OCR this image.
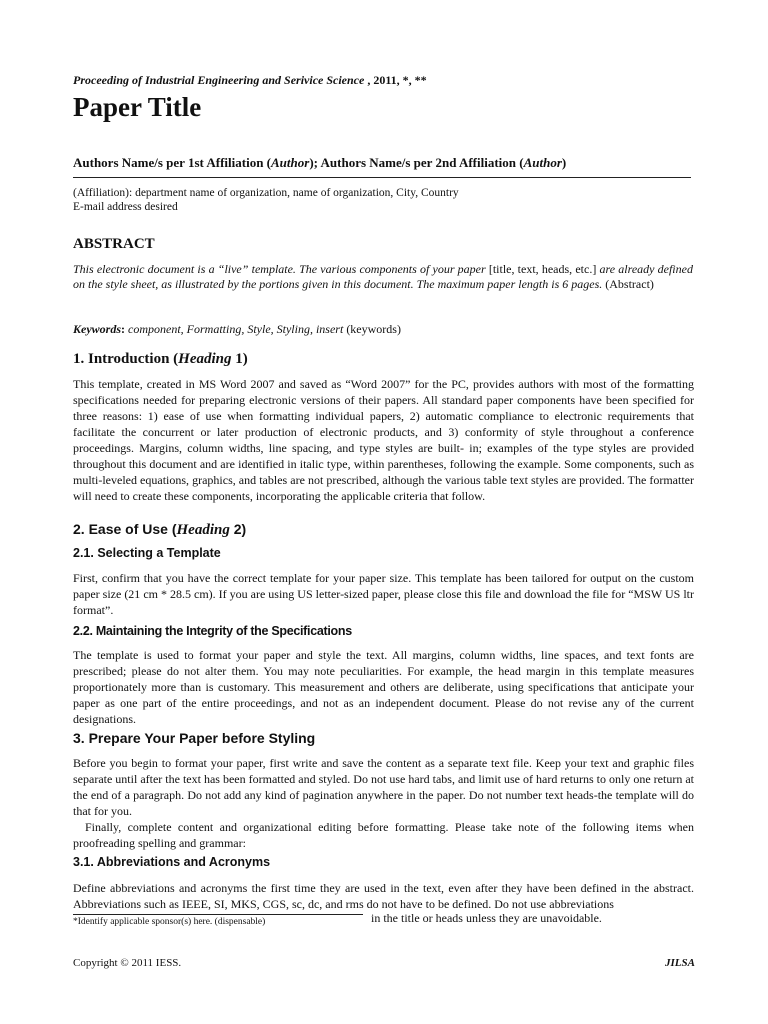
Proceeding of Industrial Engineering and Serivice Science , 2011, *, **
Paper Title
Authors Name/s per 1st Affiliation (Author); Authors Name/s per 2nd Affiliation (Author)
(Affiliation): department name of organization, name of organization, City, Country
E-mail address desired
ABSTRACT

This electronic document is a “live” template. The various components of your paper [title, text, heads, etc.] are already defined on the style sheet, as illustrated by the portions given in this document. The maximum paper length is 6 pages. (Abstract)

Keywords: component, Formatting, Style, Styling, insert (keywords)
1. Introduction (Heading 1)

This template, created in MS Word 2007 and saved as “Word 2007” for the PC, provides authors with most of the formatting specifications needed for preparing electronic versions of their papers. All standard paper components have been specified for three reasons: 1) ease of use when formatting individual papers, 2) automatic compliance to electronic requirements that facilitate the concurrent or later production of electronic products, and 3) conformity of style throughout a conference proceedings. Margins, column widths, line spacing, and type styles are built- in; examples of the type styles are provided throughout this document and are identified in italic type, within parentheses, following the example. Some components, such as multi-leveled equations, graphics, and tables are not prescribed, although the various table text styles are provided. The formatter will need to create these components, incorporating the applicable criteria that follow.

2. Ease of Use (Heading 2)
2.1. Selecting a Template

First, confirm that you have the correct template for your paper size. This template has been tailored for output on the custom paper size (21 cm * 28.5 cm). If you are using US letter-sized paper, please close this file and download the file for “MSW US ltr format”.

2.2. Maintaining the Integrity of the Specifications

The template is used to format your paper and style the text. All margins, column widths, line spaces, and text fonts are prescribed; please do not alter them. You may note peculiarities. For example, the head margin in this template measures proportionately more than is customary. This measurement and others are deliberate, using specifications that anticipate your paper as one part of the entire proceedings, and not as an independent document. Please do not revise any of the current designations.

3. Prepare Your Paper before Styling

Before you begin to format your paper, first write and save the content as a separate text file. Keep your text and graphic files separate until after the text has been formatted and styled. Do not use hard tabs, and limit use of hard returns to only one return at the end of a paragraph. Do not add any kind of pagination anywhere in the paper. Do not number text heads-the template will do that for you.

Finally, complete content and organizational editing before formatting. Please take note of the following items when proofreading spelling and grammar:

3.1. Abbreviations and Acronyms

Define abbreviations and acronyms the first time they are used in the text, even after they have been defined in the abstract. Abbreviations such as IEEE, SI, MKS, CGS, sc, dc, and rms do not have to be defined. Do not use abbreviations

in the title or heads unless they are unavoidable.
*Identify applicable sponsor(s) here. (dispensable)
Copyright © 2011 IESS.	JILSA
